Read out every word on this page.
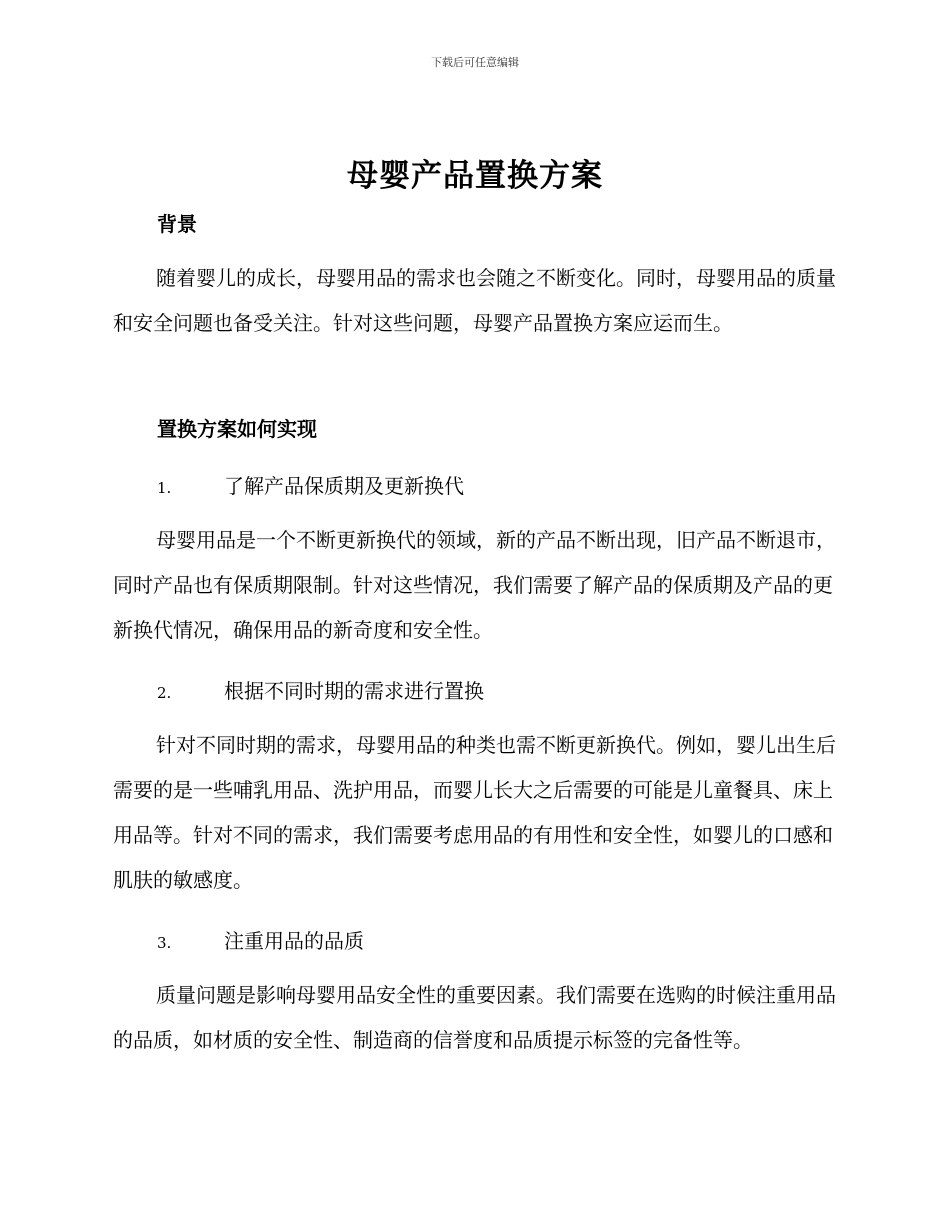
下载后可任意编辑
母婴产品置换方案
背景

随着婴儿的成长，母婴用品的需求也会随之不断变化。同时，母婴用品的质量和安全问题也备受关注。针对这些问题，母婴产品置换方案应运而生。

置换方案如何实现
1.	了解产品保质期及更新换代

母婴用品是一个不断更新换代的领域，新的产品不断出现，旧产品不断退市，同时产品也有保质期限制。针对这些情况，我们需要了解产品的保质期及产品的更新换代情况，确保用品的新奇度和安全性。

2.	根据不同时期的需求进行置换

针对不同时期的需求，母婴用品的种类也需不断更新换代。例如，婴儿出生后需要的是一些哺乳用品、洗护用品，而婴儿长大之后需要的可能是儿童餐具、床上用品等。针对不同的需求，我们需要考虑用品的有用性和安全性，如婴儿的口感和肌肤的敏感度。

3.	注重用品的品质

质量问题是影响母婴用品安全性的重要因素。我们需要在选购的时候注重用品的品质，如材质的安全性、制造商的信誉度和品质提示标签的完备性等。
